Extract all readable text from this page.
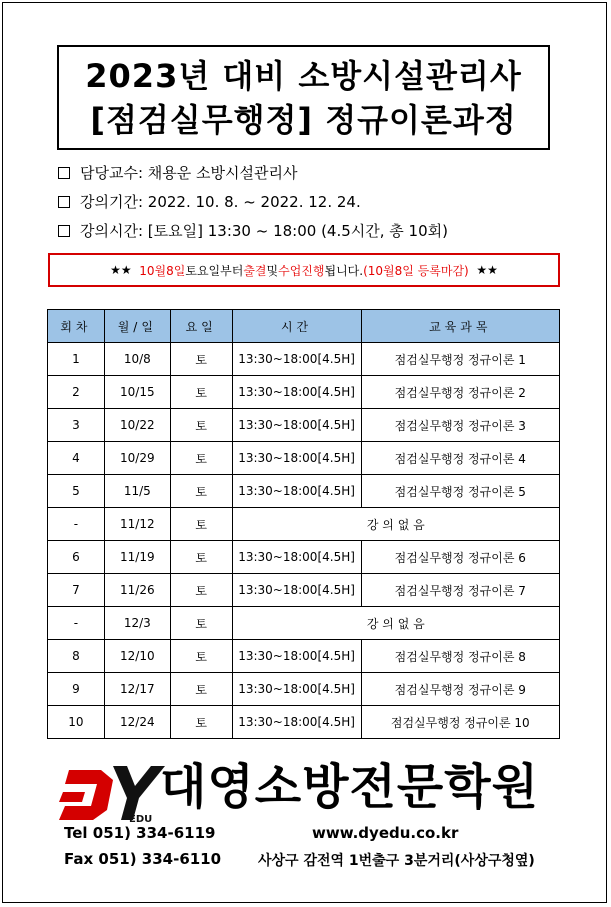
2023년 대비 소방시설관리사
[점검실무행정] 정규이론과정
담당교수: 채용운 소방시설관리사
강의기간: 2022. 10. 8. ~ 2022. 12. 24.
강의시간: [토요일] 13:30 ~ 18:00 (4.5시간, 총 10회)
★★
10월8일 토요일부터 출결 및 수업진행 됩니다. (10월8일 등록마감)
★★
회차	월/일	요일	시간	교육과목
1	10/8	토	13:30~18:00[4.5H]	점검실무행정 정규이론 1
2	10/15	토	13:30~18:00[4.5H]	점검실무행정 정규이론 2
3	10/22	토	13:30~18:00[4.5H]	점검실무행정 정규이론 3
4	10/29	토	13:30~18:00[4.5H]	점검실무행정 정규이론 4
5	11/5	토	13:30~18:00[4.5H]	점검실무행정 정규이론 5
-	11/12	토	강 의 없 음	
6	11/19	토	13:30~18:00[4.5H]	점검실무행정 정규이론 6
7	11/26	토	13:30~18:00[4.5H]	점검실무행정 정규이론 7
-	12/3	토	강 의 없 음	
8	12/10	토	13:30~18:00[4.5H]	점검실무행정 정규이론 8
9	12/17	토	13:30~18:00[4.5H]	점검실무행정 정규이론 9
10	12/24	토	13:30~18:00[4.5H]	점검실무행정 정규이론 10
EDU
대영소방전문학원
Tel 051) 334-6119	www.dyedu.co.kr
Fax 051) 334-6110	사상구 감전역 1번출구 3분거리(사상구청옆)
